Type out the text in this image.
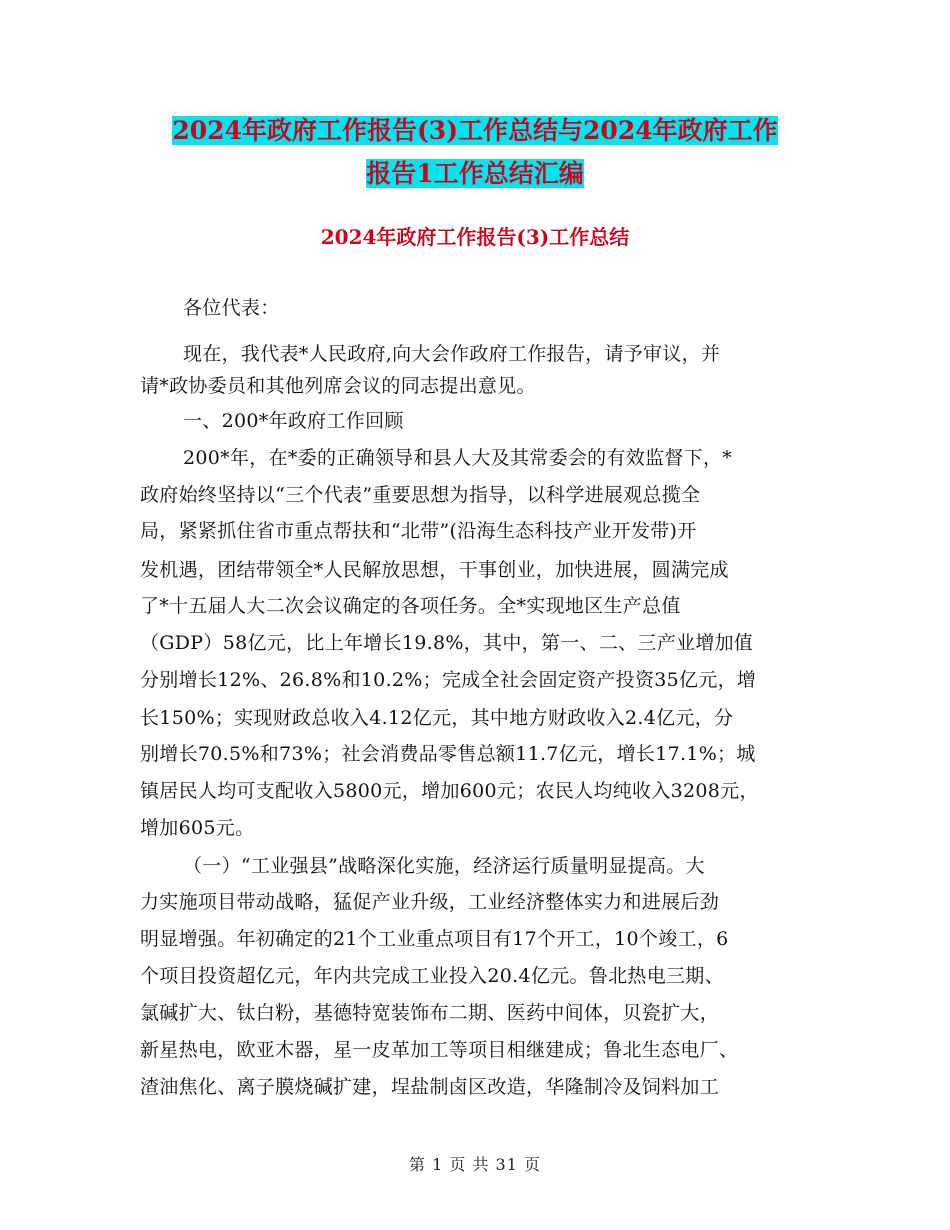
2024年政府工作报告(3)工作总结与2024年政府工作
报告1工作总结汇编
2024年政府工作报告(3)工作总结
各位代表：
现在，我代表*人民政府,向大会作政府工作报告，请予审议，并
请*政协委员和其他列席会议的同志提出意见。
一、200*年政府工作回顾
200*年，在*委的正确领导和县人大及其常委会的有效监督下，*
政府始终坚持以“三个代表”重要思想为指导，以科学进展观总揽全
局，紧紧抓住省市重点帮扶和“北带”(沿海生态科技产业开发带)开
发机遇，团结带领全*人民解放思想，干事创业，加快进展，圆满完成
了*十五届人大二次会议确定的各项任务。全*实现地区生产总值
（GDP）58亿元，比上年增长19.8%，其中，第一、二、三产业增加值
分别增长12%、26.8%和10.2%；完成全社会固定资产投资35亿元，增
长150%；实现财政总收入4.12亿元，其中地方财政收入2.4亿元，分
别增长70.5%和73%；社会消费品零售总额11.7亿元，增长17.1%；城
镇居民人均可支配收入5800元，增加600元；农民人均纯收入3208元，
增加605元。
（一）“工业强县”战略深化实施，经济运行质量明显提高。大
力实施项目带动战略，猛促产业升级，工业经济整体实力和进展后劲
明显增强。年初确定的21个工业重点项目有17个开工，10个竣工，6
个项目投资超亿元，年内共完成工业投入20.4亿元。鲁北热电三期、
氯碱扩大、钛白粉，基德特宽装饰布二期、医药中间体，贝瓷扩大，
新星热电，欧亚木器，星一皮革加工等项目相继建成；鲁北生态电厂、
渣油焦化、离子膜烧碱扩建，埕盐制卤区改造，华隆制冷及饲料加工
第 1 页 共 31 页
